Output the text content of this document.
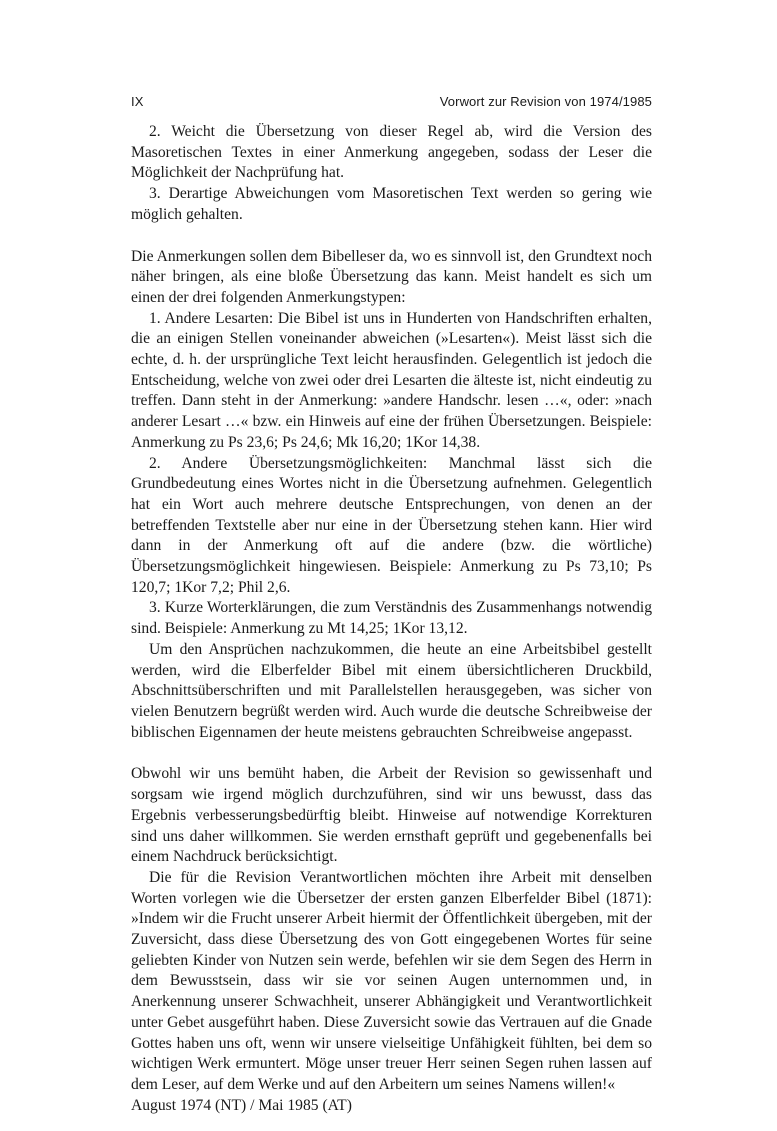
IX	Vorwort zur Revision von 1974/1985

2. Weicht die Übersetzung von dieser Regel ab, wird die Version des Masoretischen Textes in einer Anmerkung angegeben, sodass der Leser die Möglichkeit der Nachprüfung hat.

3. Derartige Abweichungen vom Masoretischen Text werden so gering wie möglich gehalten.

Die Anmerkungen sollen dem Bibelleser da, wo es sinnvoll ist, den Grundtext noch näher bringen, als eine bloße Übersetzung das kann. Meist handelt es sich um einen der drei folgenden Anmerkungstypen:

1. Andere Lesarten: Die Bibel ist uns in Hunderten von Handschriften erhalten, die an einigen Stellen voneinander abweichen (»Lesarten«). Meist lässt sich die echte, d. h. der ursprüngliche Text leicht herausfinden. Gelegentlich ist jedoch die Entscheidung, welche von zwei oder drei Lesarten die älteste ist, nicht eindeutig zu treffen. Dann steht in der Anmerkung: »andere Handschr. lesen …«, oder: »nach anderer Lesart …« bzw. ein Hinweis auf eine der frühen Übersetzungen. Beispiele: Anmerkung zu Ps 23,6; Ps 24,6; Mk 16,20; 1Kor 14,38.

2. Andere Übersetzungsmöglichkeiten: Manchmal lässt sich die Grundbedeutung eines Wortes nicht in die Übersetzung aufnehmen. Gelegentlich hat ein Wort auch mehrere deutsche Entsprechungen, von denen an der betreffenden Textstelle aber nur eine in der Übersetzung stehen kann. Hier wird dann in der Anmerkung oft auf die andere (bzw. die wörtliche) Übersetzungsmöglichkeit hingewiesen. Beispiele: Anmerkung zu Ps 73,10; Ps 120,7; 1Kor 7,2; Phil 2,6.

3. Kurze Worterklärungen, die zum Verständnis des Zusammenhangs notwendig sind. Beispiele: Anmerkung zu Mt 14,25; 1Kor 13,12.

Um den Ansprüchen nachzukommen, die heute an eine Arbeitsbibel gestellt werden, wird die Elberfelder Bibel mit einem übersichtlicheren Druckbild, Abschnittsüberschriften und mit Parallelstellen herausgegeben, was sicher von vielen Benutzern begrüßt werden wird. Auch wurde die deutsche Schreibweise der biblischen Eigennamen der heute meistens gebrauchten Schreibweise angepasst.

Obwohl wir uns bemüht haben, die Arbeit der Revision so gewissenhaft und sorgsam wie irgend möglich durchzuführen, sind wir uns bewusst, dass das Ergebnis verbesserungsbedürftig bleibt. Hinweise auf notwendige Korrekturen sind uns daher willkommen. Sie werden ernsthaft geprüft und gegebenenfalls bei einem Nachdruck berücksichtigt.

Die für die Revision Verantwortlichen möchten ihre Arbeit mit denselben Worten vorlegen wie die Übersetzer der ersten ganzen Elberfelder Bibel (1871): »Indem wir die Frucht unserer Arbeit hiermit der Öffentlichkeit übergeben, mit der Zuversicht, dass diese Übersetzung des von Gott eingegebenen Wortes für seine geliebten Kinder von Nutzen sein werde, befehlen wir sie dem Segen des Herrn in dem Bewusstsein, dass wir sie vor seinen Augen unternommen und, in Anerkennung unserer Schwachheit, unserer Abhängigkeit und Verantwortlichkeit unter Gebet ausgeführt haben. Diese Zuversicht sowie das Vertrauen auf die Gnade Gottes haben uns oft, wenn wir unsere vielseitige Unfähigkeit fühlten, bei dem so wichtigen Werk ermuntert. Möge unser treuer Herr seinen Segen ruhen lassen auf dem Leser, auf dem Werke und auf den Arbeitern um seines Namens willen!«

August 1974 (NT) / Mai 1985 (AT)
